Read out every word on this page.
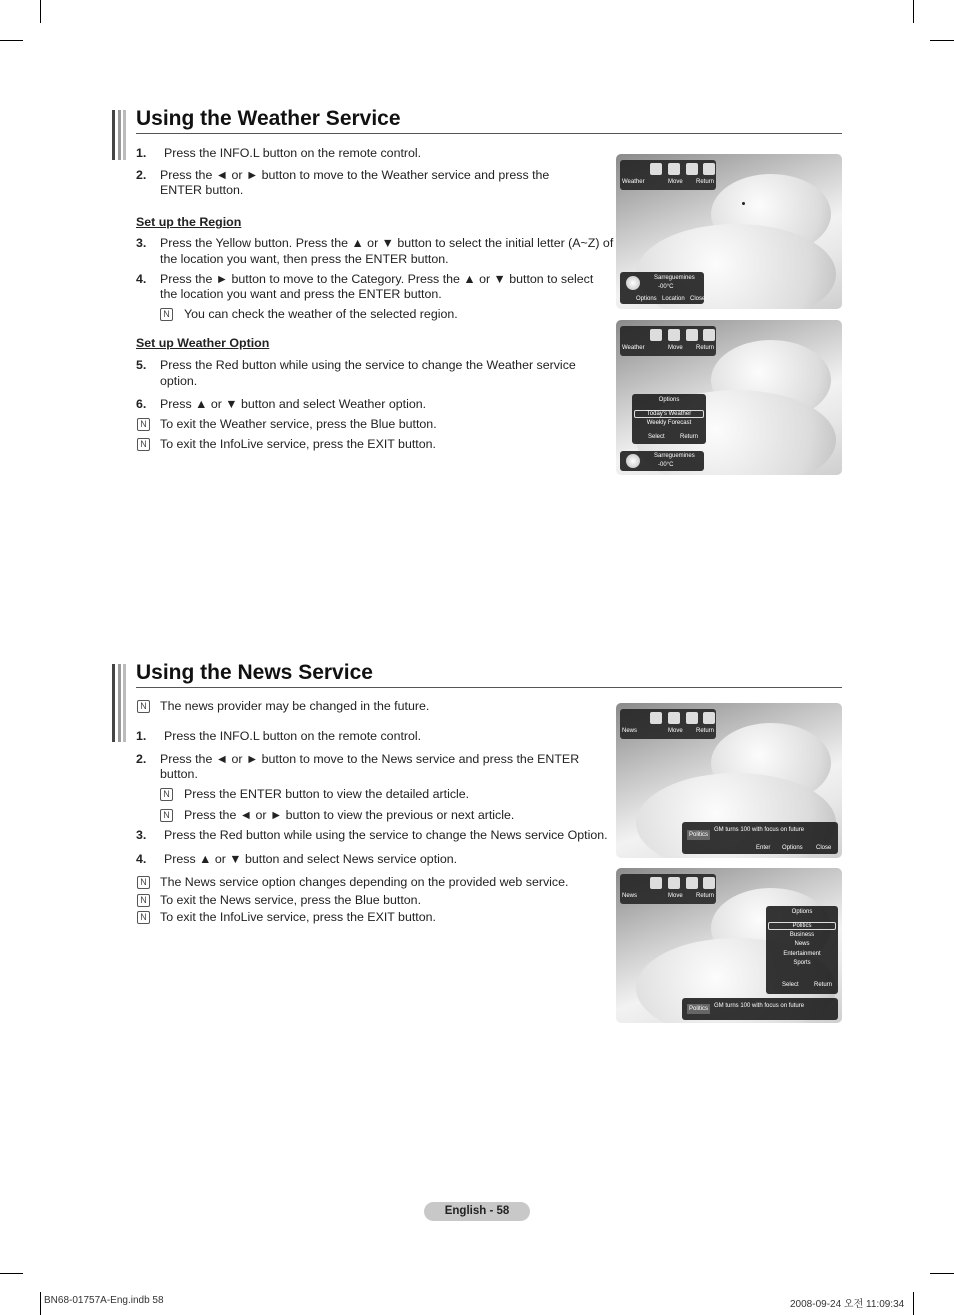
Using the Weather Service
1. Press the INFO.L button on the remote control.
2. Press the ◄ or ► button to move to the Weather service and press the
ENTER button.
Set up the Region
3. Press the Yellow button. Press the ▲ or ▼ button to select the initial letter (A~Z) of
the location you want, then press the ENTER button.
4. Press the ► button to move to the Category. Press the ▲ or ▼ button to select
the location you want and press the ENTER button.
N
You can check the weather of the selected region.
Set up Weather Option
5. Press the Red button while using the service to change the Weather service
option.
6. Press ▲ or ▼ button and select Weather option.
N
To exit the Weather service, press the Blue button.
N
To exit the InfoLive service, press the EXIT button.
Weather	Move Return
Sarreguemines
-00°C
Options Location Close
Weather	Move Return
Options
Today's Weather
Weekly Forecast
Select	Return
Sarreguemines
-00°C
Using the News Service
N
The news provider may be changed in the future.
1. Press the INFO.L button on the remote control.
2. Press the ◄ or ► button to move to the News service and press the ENTER
button.
N
Press the ENTER button to view the detailed article.
N
Press the ◄ or ► button to view the previous or next article.
3. Press the Red button while using the service to change the News service Option.
4. Press ▲ or ▼ button and select News service option.
N
The News service option changes depending on the provided web service.
N
To exit the News service, press the Blue button.
N
To exit the InfoLive service, press the EXIT button.
News	Move Return
Politics
GM turns 100 with focus on future
Enter Options Close
News	Move Return
Options
Politics
Business
News
Entertainment
Sports
Select	Return
Politics GM turns 100 with focus on future
English - 58
BN68-01757A-Eng.indb 58	2008-09-24 오전 11:09:34
